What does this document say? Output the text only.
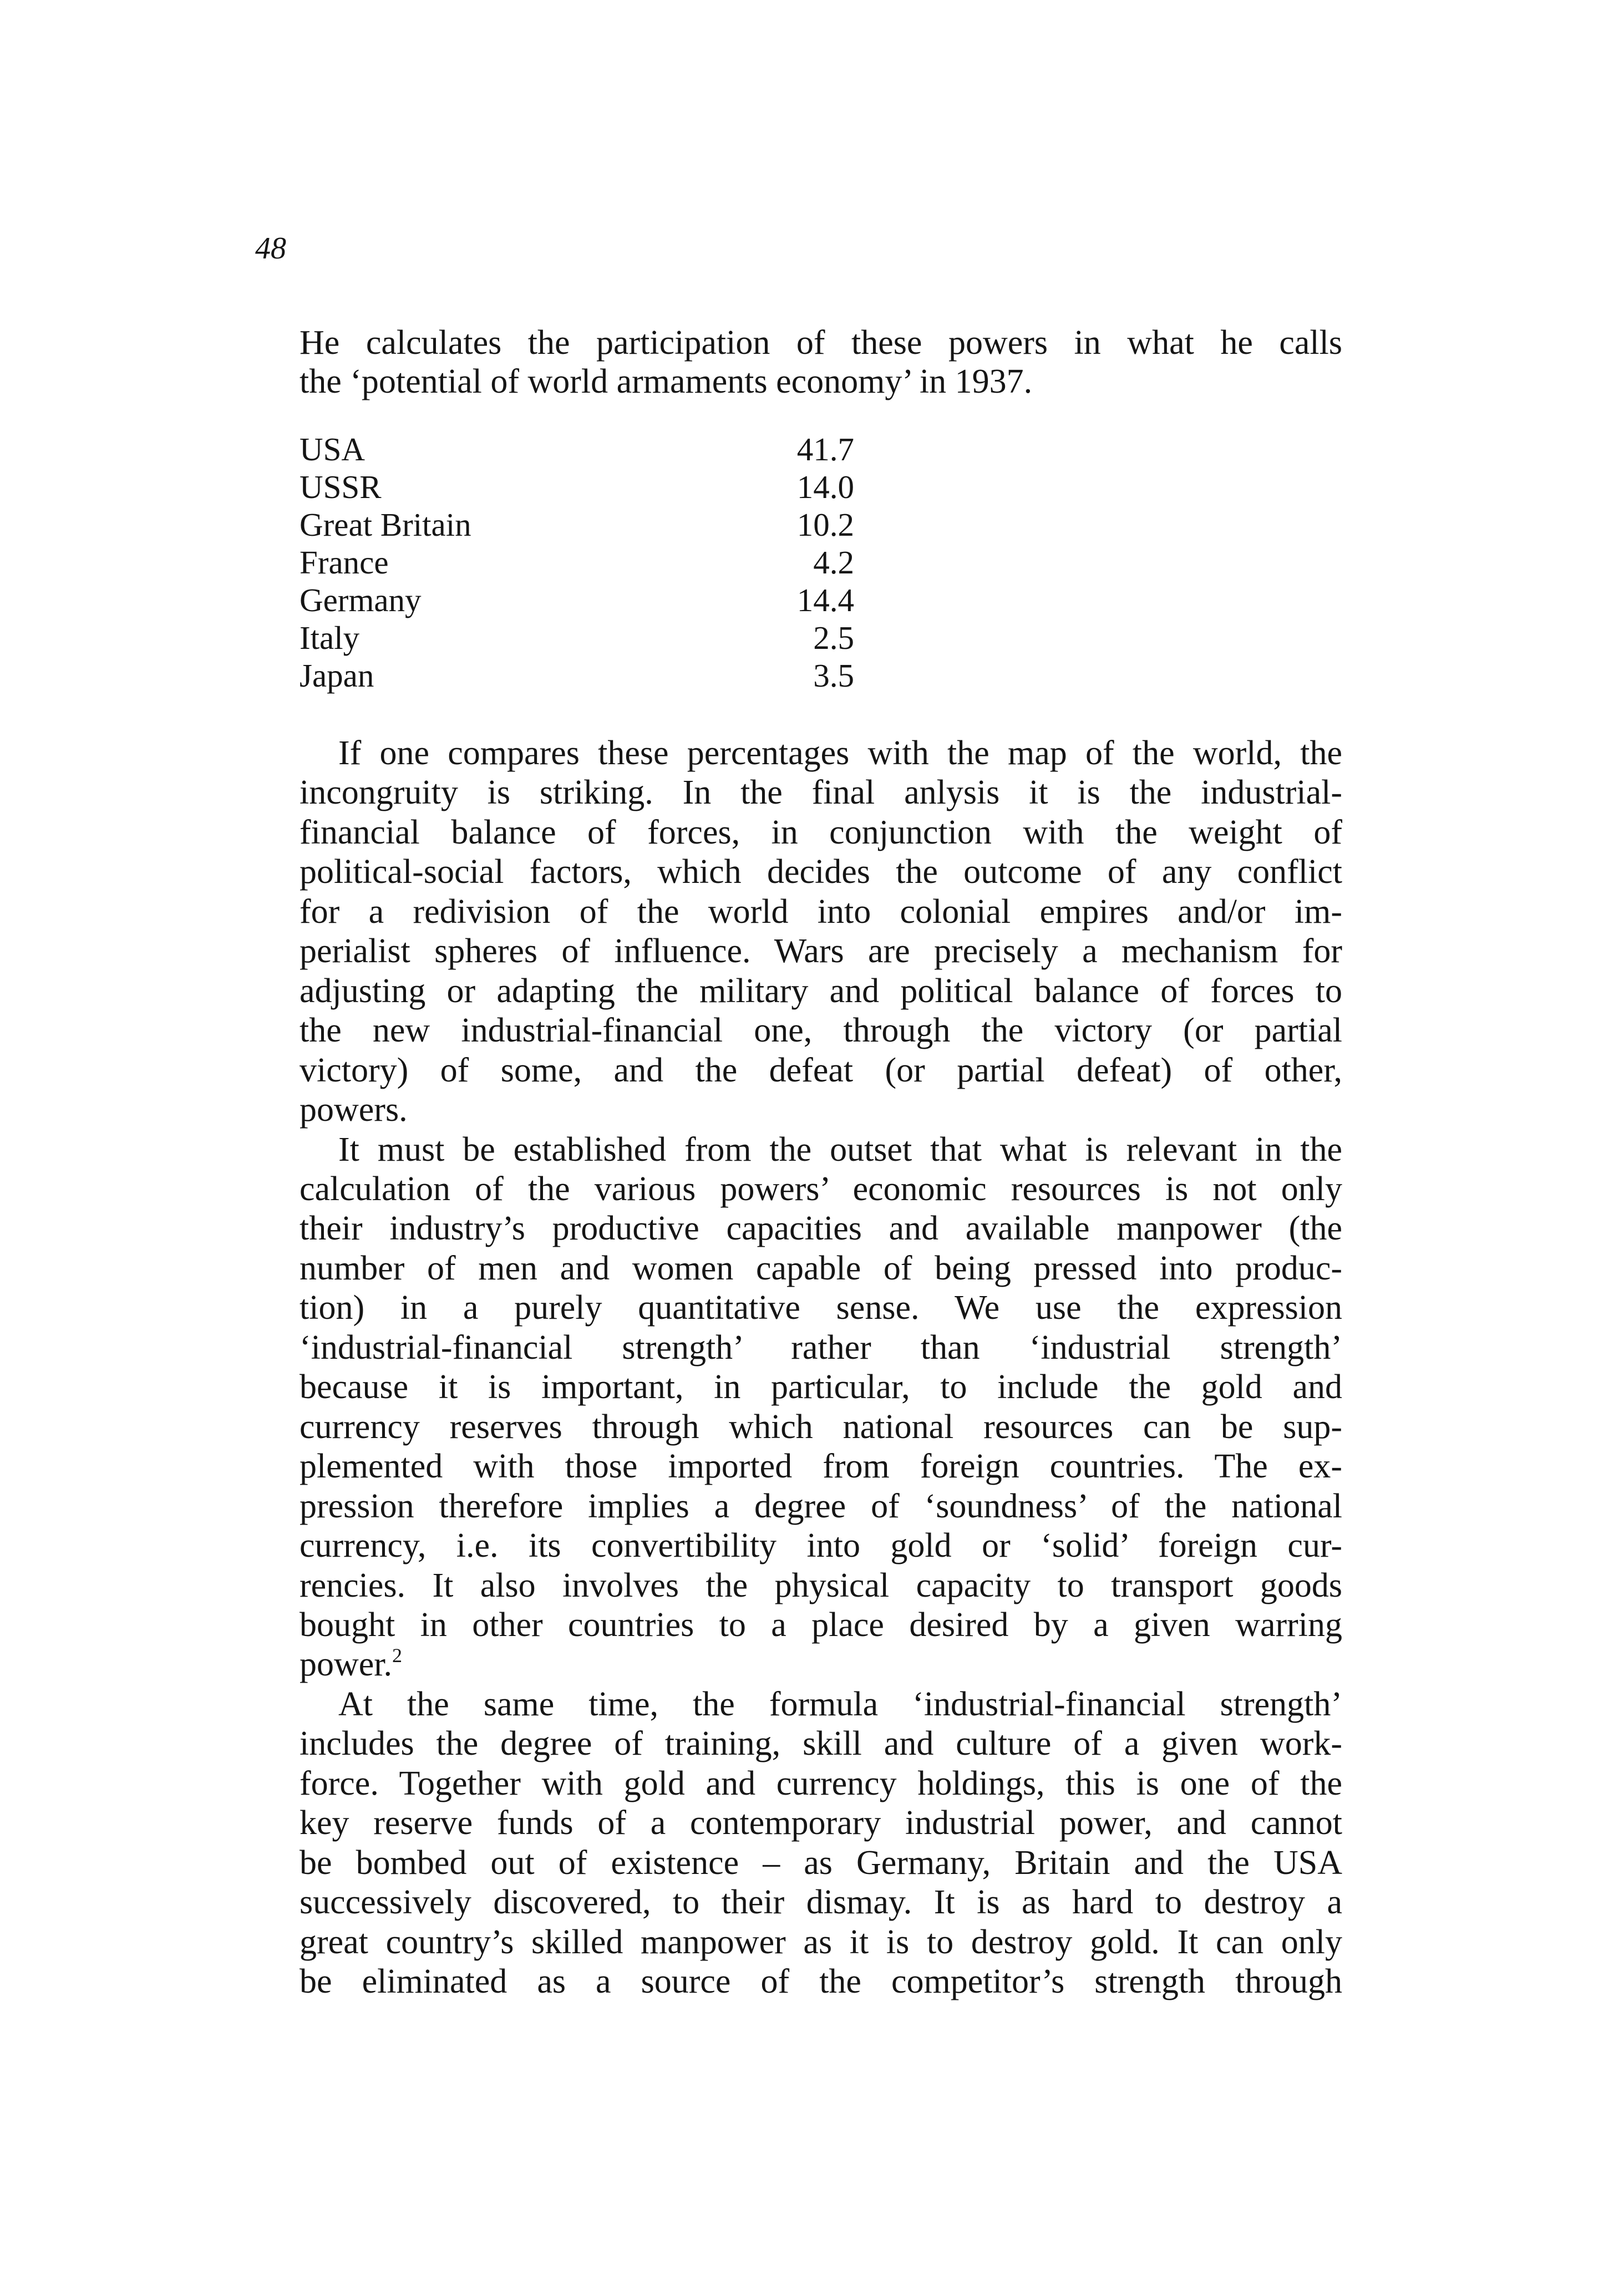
48

He calculates the participation of these powers in what he calls
the ‘potential of world armaments economy’ in 1937.

USA	41.7
USSR	14.0
Great Britain	10.2
France	4.2
Germany	14.4
Italy	2.5
Japan	3.5

If one compares these percentages with the map of the world, the
incongruity is striking. In the final anlysis it is the industrial-
financial balance of forces, in conjunction with the weight of
political-social factors, which decides the outcome of any conflict
for a redivision of the world into colonial empires and/or im-
perialist spheres of influence. Wars are precisely a mechanism for
adjusting or adapting the military and political balance of forces to
the new industrial-financial one, through the victory (or partial
victory) of some, and the defeat (or partial defeat) of other,
powers.

It must be established from the outset that what is relevant in the
calculation of the various powers’ economic resources is not only
their industry’s productive capacities and available manpower (the
number of men and women capable of being pressed into produc-
tion) in a purely quantitative sense. We use the expression
‘industrial-financial strength’ rather than ‘industrial strength’
because it is important, in particular, to include the gold and
currency reserves through which national resources can be sup-
plemented with those imported from foreign countries. The ex-
pression therefore implies a degree of ‘soundness’ of the national
currency, i.e. its convertibility into gold or ‘solid’ foreign cur-
rencies. It also involves the physical capacity to transport goods
bought in other countries to a place desired by a given warring
power.$^2$

At the same time, the formula ‘industrial-financial strength’
includes the degree of training, skill and culture of a given work-
force. Together with gold and currency holdings, this is one of the
key reserve funds of a contemporary industrial power, and cannot
be bombed out of existence – as Germany, Britain and the USA
successively discovered, to their dismay. It is as hard to destroy a
great country’s skilled manpower as it is to destroy gold. It can only
be eliminated as a source of the competitor’s strength through
